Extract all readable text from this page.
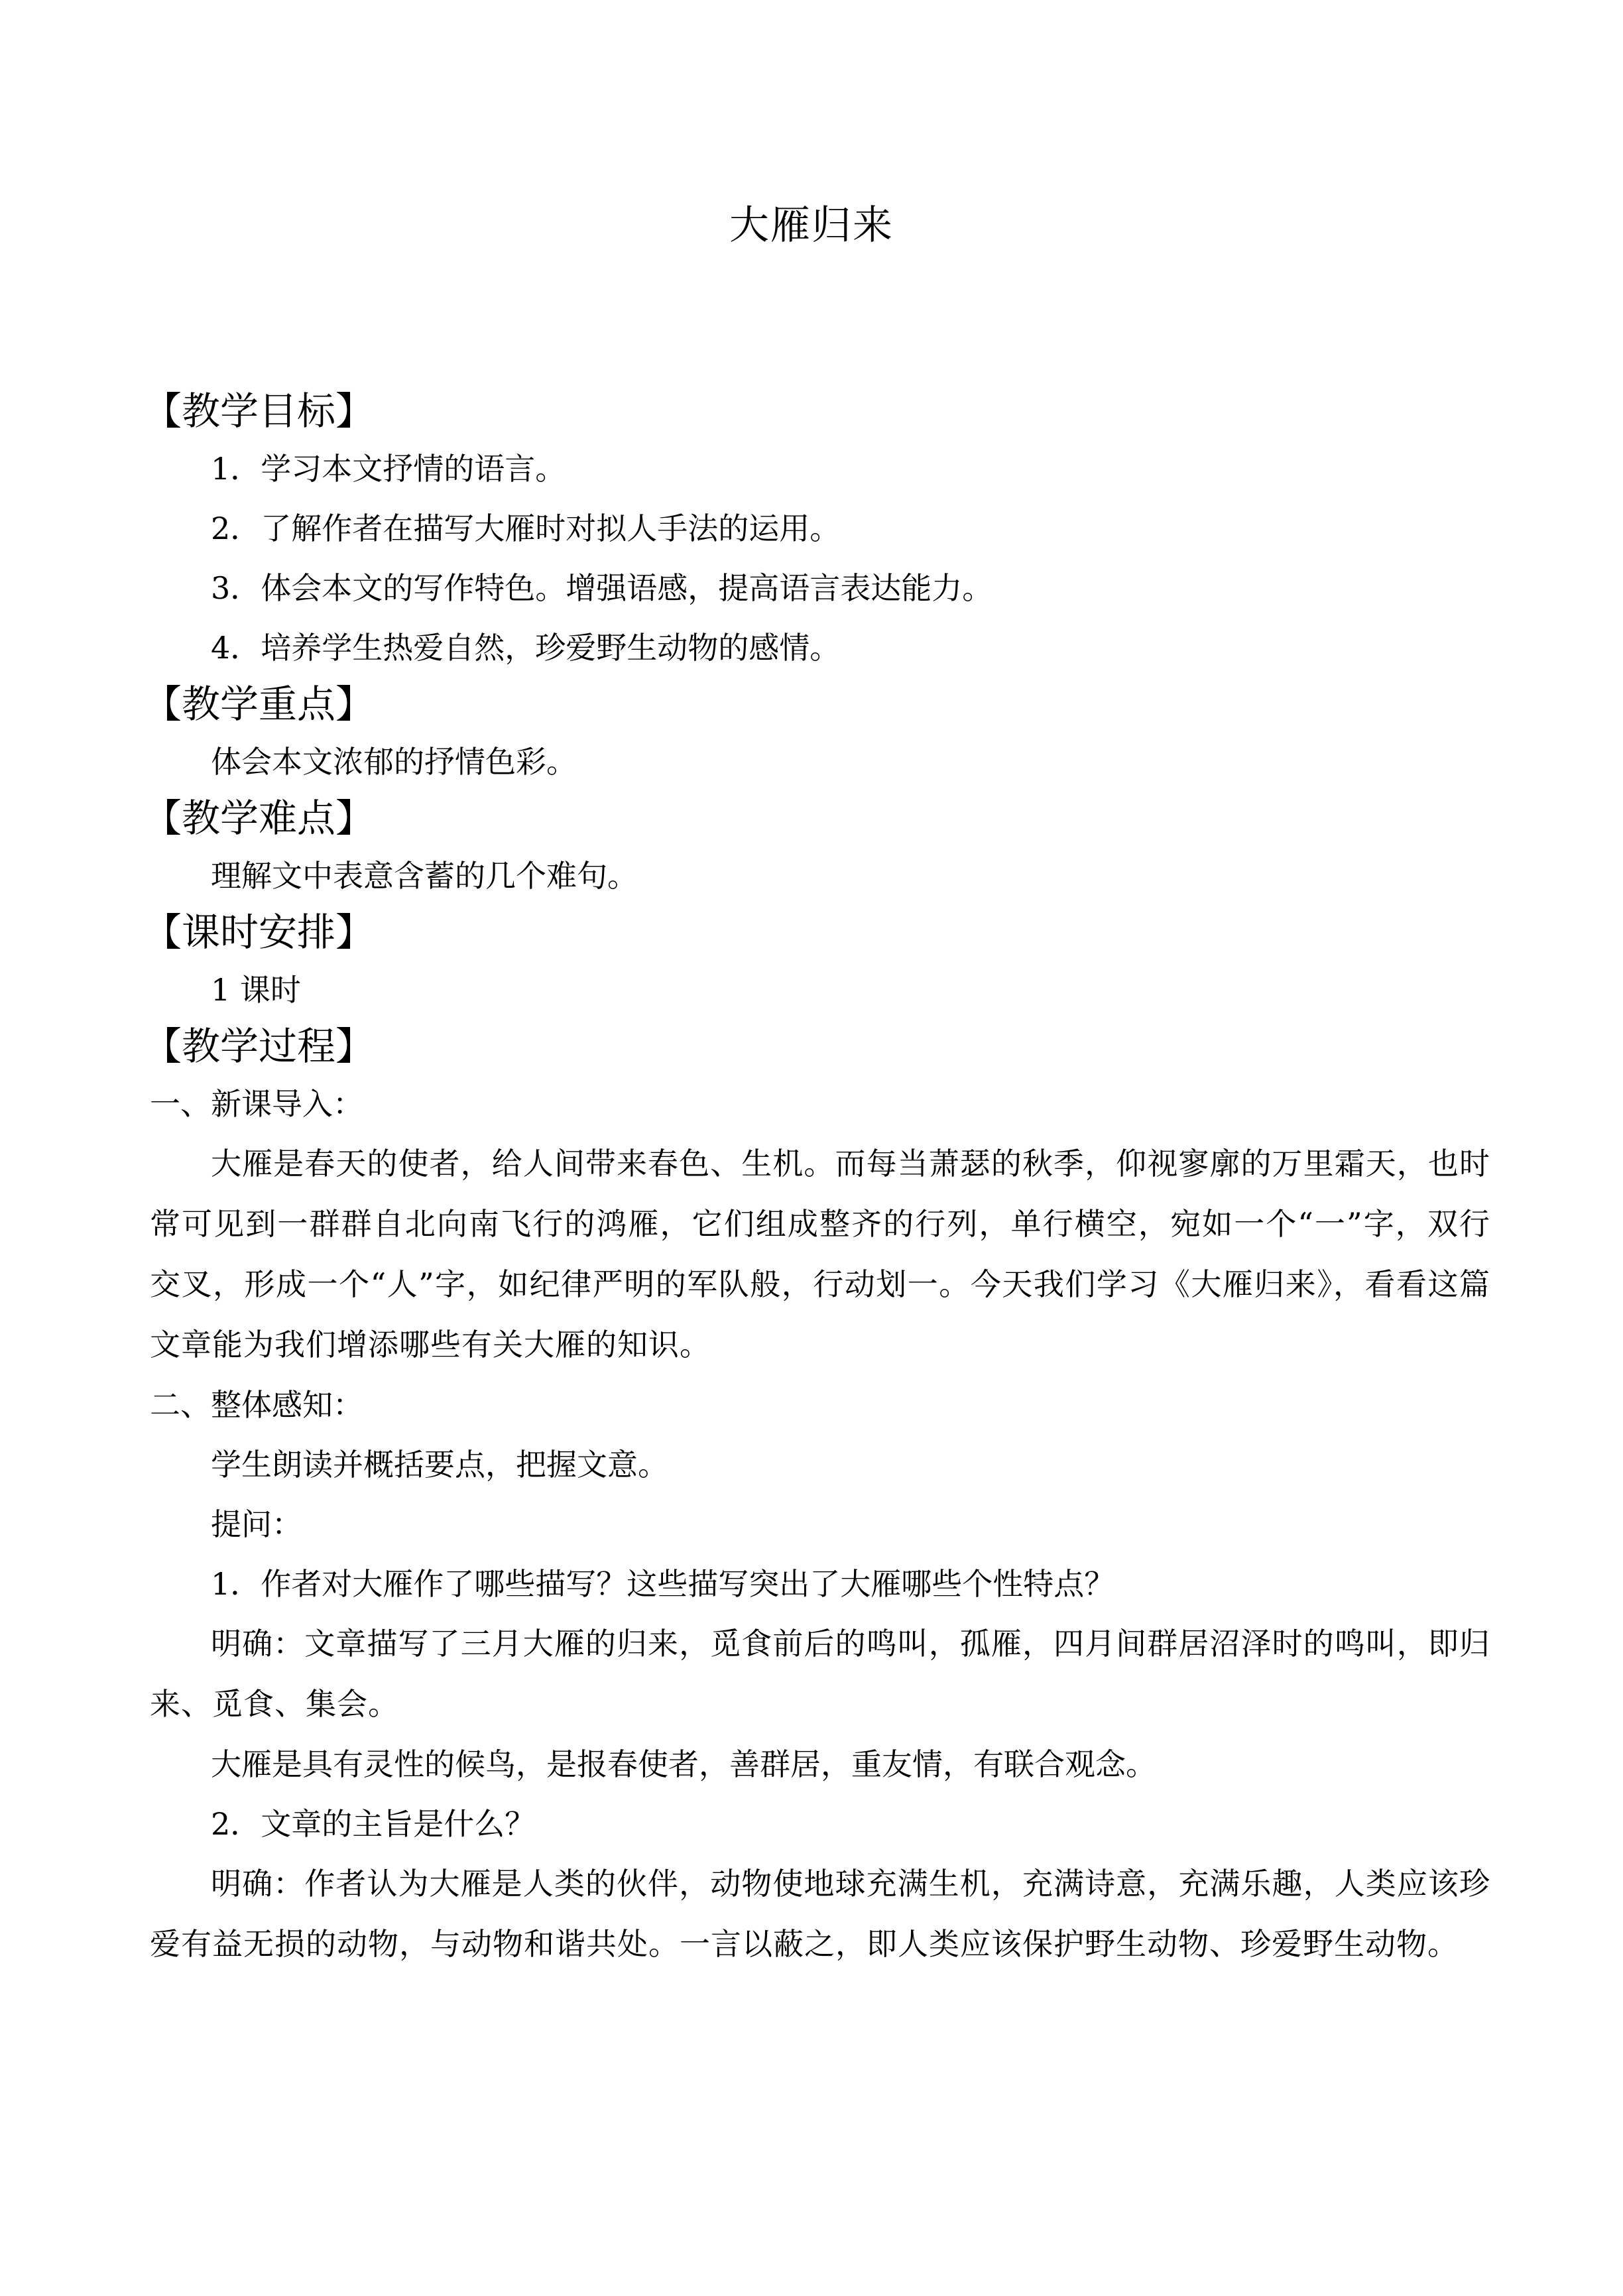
大雁归来
【教学目标】
1．学习本文抒情的语言。
2．了解作者在描写大雁时对拟人手法的运用。
3．体会本文的写作特色。增强语感，提高语言表达能力。
4．培养学生热爱自然，珍爱野生动物的感情。
【教学重点】
体会本文浓郁的抒情色彩。
【教学难点】
理解文中表意含蓄的几个难句。
【课时安排】
1 课时
【教学过程】
一、新课导入：

大雁是春天的使者，给人间带来春色、生机。而每当萧瑟的秋季，仰视寥廓的万里霜天，也时常可见到一群群自北向南飞行的鸿雁，它们组成整齐的行列，单行横空，宛如一个“一”字，双行交叉，形成一个“人”字，如纪律严明的军队般，行动划一。今天我们学习《大雁归来》，看看这篇文章能为我们增添哪些有关大雁的知识。

二、整体感知：
学生朗读并概括要点，把握文意。
提问：
1．作者对大雁作了哪些描写？这些描写突出了大雁哪些个性特点？

明确：文章描写了三月大雁的归来，觅食前后的鸣叫，孤雁，四月间群居沼泽时的鸣叫，即归来、觅食、集会。

大雁是具有灵性的候鸟，是报春使者，善群居，重友情，有联合观念。
2．文章的主旨是什么？

明确：作者认为大雁是人类的伙伴，动物使地球充满生机，充满诗意，充满乐趣，人类应该珍爱有益无损的动物，与动物和谐共处。一言以蔽之，即人类应该保护野生动物、珍爱野生动物。
